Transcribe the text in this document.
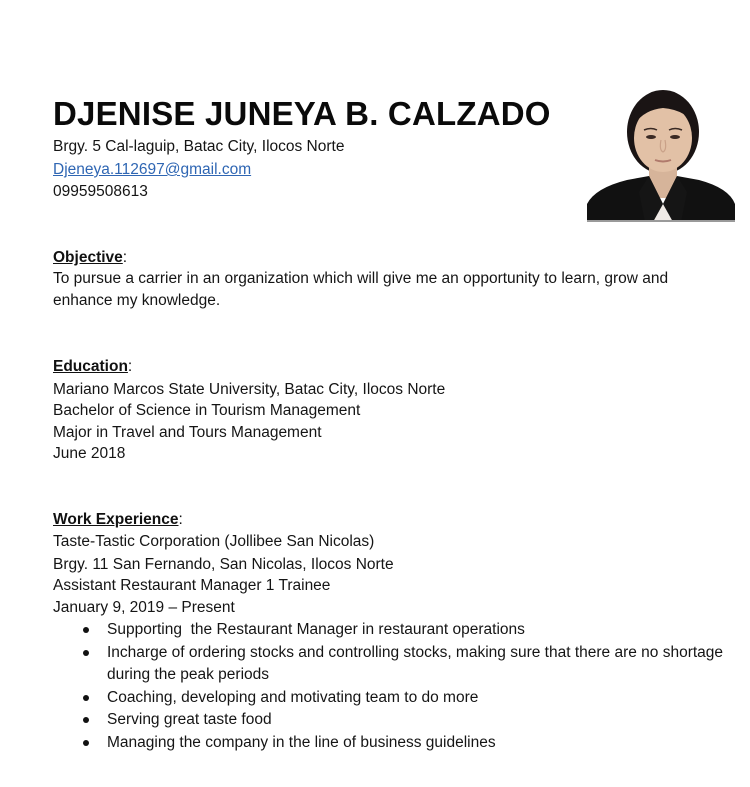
DJENISE JUNEYA B. CALZADO
Brgy. 5 Cal-laguip, Batac City, Ilocos Norte
Djeneya.112697@gmail.com
09959508613
Objective:
To pursue a carrier in an organization which will give me an opportunity to learn, grow and enhance my knowledge.
Education:
Mariano Marcos State University, Batac City, Ilocos Norte
Bachelor of Science in Tourism Management
Major in Travel and Tours Management
June 2018
Work Experience:
Taste-Tastic Corporation (Jollibee San Nicolas)
Brgy. 11 San Fernando, San Nicolas, Ilocos Norte
Assistant Restaurant Manager 1 Trainee
January 9, 2019 – Present
Supporting  the Restaurant Manager in restaurant operations
Incharge of ordering stocks and controlling stocks, making sure that there are no shortage during the peak periods
Coaching, developing and motivating team to do more
Serving great taste food
Managing the company in the line of business guidelines
